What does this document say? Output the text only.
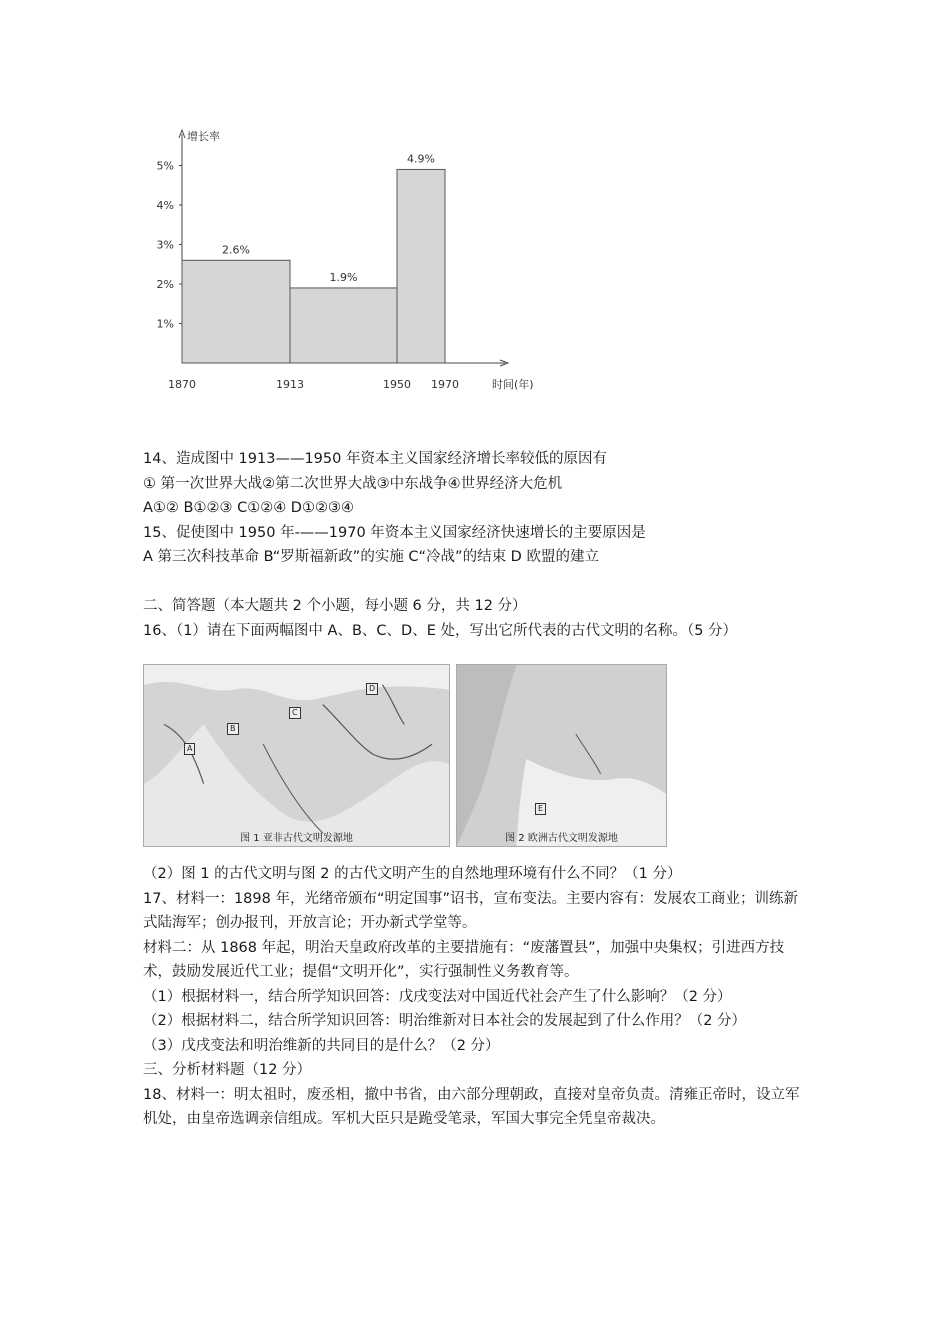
增长率
时间(年)
1%
2%
3%
4%
5%
1870	1913	1950 1970
2.6%
1.9%
4.9%
14、造成图中 1913——1950 年资本主义国家经济增长率较低的原因有
① 第一次世界大战②第二次世界大战③中东战争④世界经济大危机
A①② B①②③ C①②④ D①②③④
15、促使图中 1950 年-——1970 年资本主义国家经济快速增长的主要原因是
A 第三次科技革命 B“罗斯福新政”的实施 C“冷战”的结束 D 欧盟的建立
二、简答题（本大题共 2 个小题，每小题 6 分，共 12 分）
16、（1）请在下面两幅图中 A、B、C、D、E 处，写出它所代表的古代文明的名称。（5 分）
A
B
C
D
图 1 亚非古代文明发源地
E
图 2 欧洲古代文明发源地
（2）图 1 的古代文明与图 2 的古代文明产生的自然地理环境有什么不同？（1 分）
17、材料一：1898 年，光绪帝颁布“明定国事”诏书，宣布变法。主要内容有：发展农工商业；训练新式陆海军；创办报刊，开放言论；开办新式学堂等。
材料二：从 1868 年起，明治天皇政府改革的主要措施有：“废藩置县”，加强中央集权；引进西方技术，鼓励发展近代工业；提倡“文明开化”，实行强制性义务教育等。
（1）根据材料一，结合所学知识回答：戊戌变法对中国近代社会产生了什么影响？（2 分）
（2）根据材料二，结合所学知识回答：明治维新对日本社会的发展起到了什么作用？（2 分）
（3）戊戌变法和明治维新的共同目的是什么？（2 分）
三、分析材料题（12 分）
18、材料一：明太祖时，废丞相，撤中书省，由六部分理朝政，直接对皇帝负责。清雍正帝时，设立军机处，由皇帝选调亲信组成。军机大臣只是跪受笔录，军国大事完全凭皇帝裁决。
